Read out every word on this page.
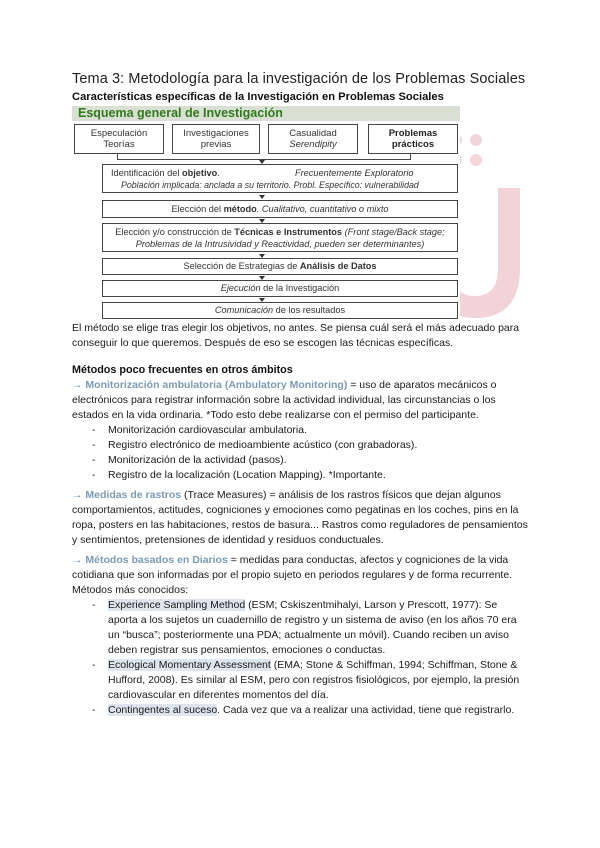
Tema 3: Metodología para la investigación de los Problemas Sociales
Características específicas de la Investigación en Problemas Sociales
Esquema general de Investigación
Especulación
Teorías
Investigaciones
previas
Casualidad
Serendipity
Problemas
prácticos
Identificación del objetivo.	Frecuentemente Exploratorio
Población implicada: anclada a su territorio. Probl. Específico: vulnerabilidad
Elección del método. Cualitativo, cuantitativo o mixto
Elección y/o construcción de Técnicas e Instrumentos (Front stage/Back stage;
Problemas de la Intrusividad y Reactividad, pueden ser determinantes)
Selección de Estrategias de Análisis de Datos
Ejecución de la Investigación
Comunicación de los resultados
El método se elige tras elegir los objetivos, no antes. Se piensa cuál será el más adecuado para conseguir lo que queremos. Después de eso se escogen las técnicas específicas.
Métodos poco frecuentes en otros ámbitos
→ Monitorización ambulatoria (Ambulatory Monitoring) = uso de aparatos mecánicos o electrónicos para registrar información sobre la actividad individual, las circunstancias o los estados en la vida ordinaria. *Todo esto debe realizarse con el permiso del participante.
- Monitorización cardiovascular ambulatoria.
- Registro electrónico de medioambiente acústico (con grabadoras).
- Monitorización de la actividad (pasos).
- Registro de la localización (Location Mapping). *Importante.
→ Medidas de rastros (Trace Measures) = análisis de los rastros físicos que dejan algunos comportamientos, actitudes, cogniciones y emociones como pegatinas en los coches, pins en la ropa, posters en las habitaciones, restos de basura... Rastros como reguladores de pensamientos y sentimientos, pretensiones de identidad y residuos conductuales.
→ Métodos basados en Diarios = medidas para conductas, afectos y cogniciones de la vida cotidiana que son informadas por el propio sujeto en periodos regulares y de forma recurrente. Métodos más conocidos:
- Experience Sampling Method (ESM; Cskiszentmihalyi, Larson y Prescott, 1977): Se aporta a los sujetos un cuadernillo de registro y un sistema de aviso (en los años 70 era un “busca”; posteriormente una PDA; actualmente un móvil). Cuando reciben un aviso deben registrar sus pensamientos, emociones o conductas.
- Ecological Momentary Assessment (EMA; Stone & Schiffman, 1994; Schiffman, Stone & Hufford, 2008). Es similar al ESM, pero con registros fisiológicos, por ejemplo, la presión cardiovascular en diferentes momentos del día.
- Contingentes al suceso. Cada vez que va a realizar una actividad, tiene que registrarlo.
